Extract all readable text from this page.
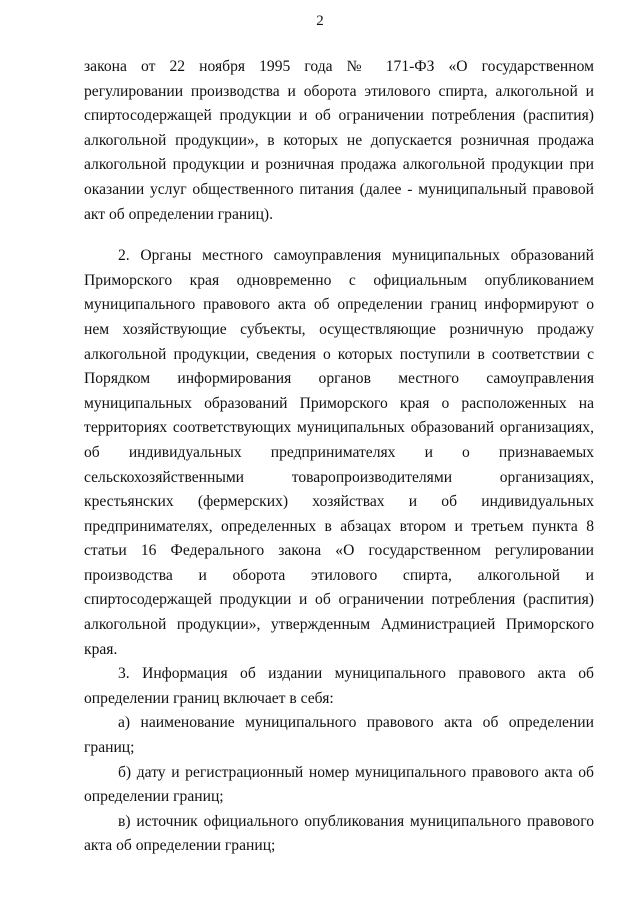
2

закона от 22 ноября 1995 года № 171-ФЗ «О государственном регулировании производства и оборота этилового спирта, алкогольной и спиртосодержащей продукции и об ограничении потребления (распития) алкогольной продукции», в которых не допускается розничная продажа алкогольной продукции и розничная продажа алкогольной продукции при оказании услуг общественного питания (далее - муниципальный правовой акт об определении границ).

2. Органы местного самоуправления муниципальных образований Приморского края одновременно с официальным опубликованием муниципального правового акта об определении границ информируют о нем хозяйствующие субъекты, осуществляющие розничную продажу алкогольной продукции, сведения о которых поступили в соответствии с Порядком информирования органов местного самоуправления муниципальных образований Приморского края о расположенных на территориях соответствующих муниципальных образований организациях, об индивидуальных предпринимателях и о признаваемых сельскохозяйственными товаропроизводителями организациях, крестьянских (фермерских) хозяйствах и об индивидуальных предпринимателях, определенных в абзацах втором и третьем пункта 8 статьи 16 Федерального закона «О государственном регулировании производства и оборота этилового спирта, алкогольной и спиртосодержащей продукции и об ограничении потребления (распития) алкогольной продукции», утвержденным Администрацией Приморского края.

3. Информация об издании муниципального правового акта об определении границ включает в себя:

а) наименование муниципального правового акта об определении границ;

б) дату и регистрационный номер муниципального правового акта об определении границ;

в) источник официального опубликования муниципального правового акта об определении границ;
